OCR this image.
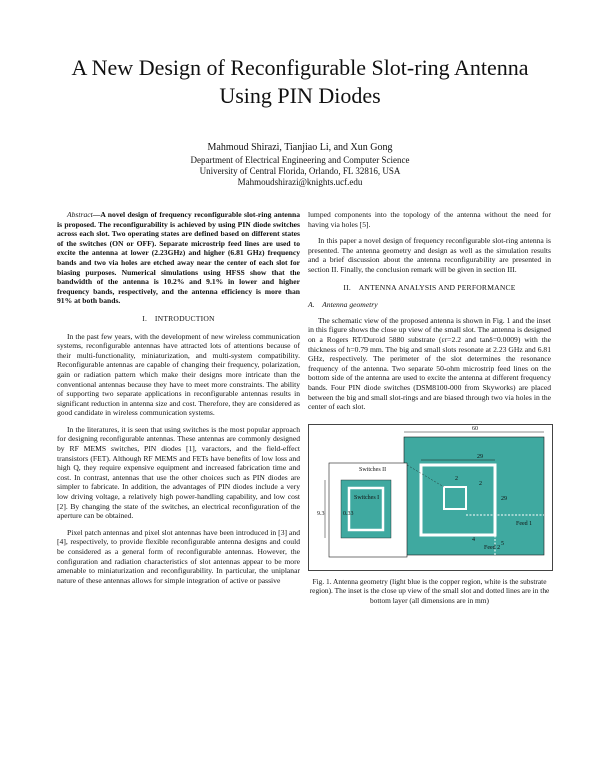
A New Design of Reconfigurable Slot-ring Antenna
Using PIN Diodes
Mahmoud Shirazi, Tianjiao Li, and Xun Gong
Department of Electrical Engineering and Computer Science
University of Central Florida, Orlando, FL 32816, USA
Mahmoudshirazi@knights.ucf.edu

Abstract—A novel design of frequency reconfigurable slot-ring antenna is proposed. The reconfigurability is achieved by using PIN diode switches across each slot. Two operating states are defined based on different states of the switches (ON or OFF). Separate microstrip feed lines are used to excite the antenna at lower (2.23GHz) and higher (6.81 GHz) frequency bands and two via holes are etched away near the center of each slot for biasing purposes. Numerical simulations using HFSS show that the bandwidth of the antenna is 10.2% and 9.1% in lower and higher frequency bands, respectively, and the antenna efficiency is more than 91% at both bands.

I. INTRODUCTION

In the past few years, with the development of new wireless communication systems, reconfigurable antennas have attracted lots of attentions because of their multi-functionality, miniaturization, and multi-system compatibility. Reconfigurable antennas are capable of changing their frequency, polarization, gain or radiation pattern which make their designs more intricate than the conventional antennas because they have to meet more constraints. The ability of supporting two separate applications in reconfigurable antennas results in significant reduction in antenna size and cost. Therefore, they are considered as good candidate in wireless communication systems.

In the literatures, it is seen that using switches is the most popular approach for designing reconfigurable antennas. These antennas are commonly designed by RF MEMS switches, PIN diodes [1], varactors, and the field-effect transistors (FET). Although RF MEMS and FETs have benefits of low loss and high Q, they require expensive equipment and increased fabrication time and cost. In contrast, antennas that use the other choices such as PIN diodes are simpler to fabricate. In addition, the advantages of PIN diodes include a very low driving voltage, a relatively high power-handling capability, and low cost [2]. By changing the state of the switches, an electrical reconfiguration of the aperture can be obtained.

Pixel patch antennas and pixel slot antennas have been introduced in [3] and [4], respectively, to provide flexible reconfigurable antenna designs and could be considered as a general form of reconfigurable antennas. However, the configuration and radiation characteristics of slot antennas appear to be more amenable to miniaturization and reconfigurability. In particular, the uniplanar nature of these antennas allows for simple integration of active or passive

lumped components into the topology of the antenna without the need for having via holes [5].

In this paper a novel design of frequency reconfigurable slot-ring antenna is presented. The antenna geometry and design as well as the simulation results and a brief discussion about the antenna reconfigurability are presented in section II. Finally, the conclusion remark will be given in section III.

II. ANTENNA ANALYSIS AND PERFORMANCE
A. Antenna geometry

The schematic view of the proposed antenna is shown in Fig. 1 and the inset in this figure shows the close up view of the small slot. The antenna is designed on a Rogers RT/Duroid 5880 substrate (εr=2.2 and tanδ=0.0009) with the thickness of h=0.79 mm. The big and small slots resonate at 2.23 GHz and 6.81 GHz, respectively. The perimeter of the slot determines the resonance frequency of the antenna. Two separate 50-ohm microstrip feed lines on the bottom side of the antenna are used to excite the antenna at different frequency bands. Four PIN diode switches (DSM8100-000 from Skyworks) are placed between the big and small slot-rings and are biased through two via holes in the center of each slot.

60
29
29
2
2
4
5
Feed 1
Feed 2
Switches II
Switches I
0.33
9.3
Fig. 1. Antenna geometry (light blue is the copper region, white is the substrate region). The inset is the close up view of the small slot and dotted lines are in the bottom layer (all dimensions are in mm)
